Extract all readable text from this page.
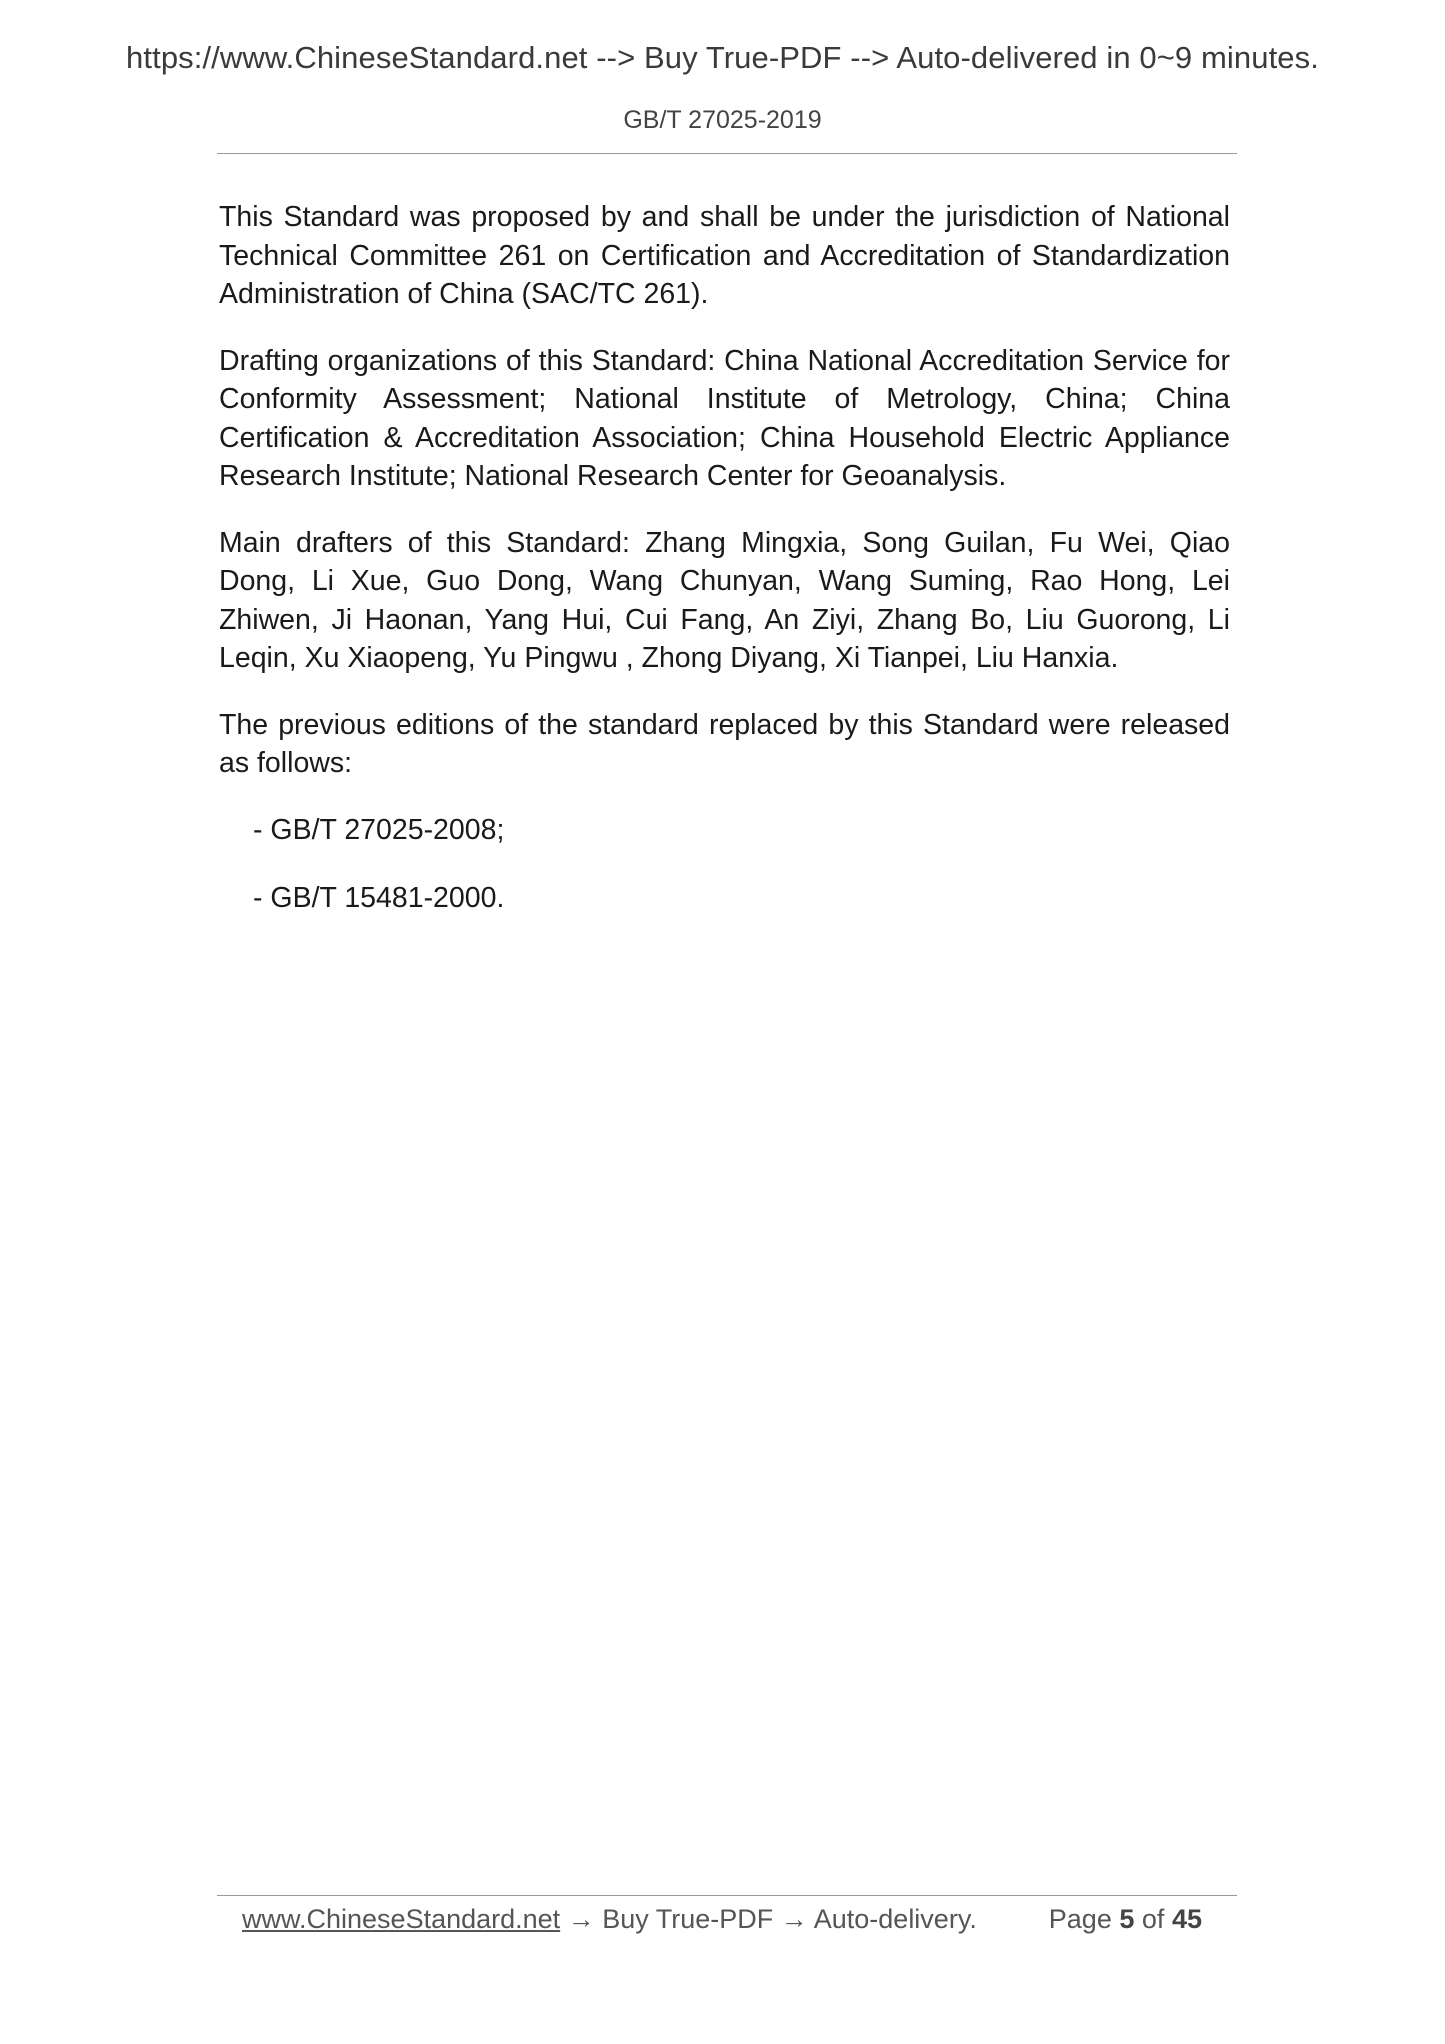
https://www.ChineseStandard.net --> Buy True-PDF --> Auto-delivered in 0~9 minutes.
GB/T 27025-2019

This Standard was proposed by and shall be under the jurisdiction of National Technical Committee 261 on Certification and Accreditation of Standardization Administration of China (SAC/TC 261).

Drafting organizations of this Standard: China National Accreditation Service for Conformity Assessment; National Institute of Metrology, China; China Certification & Accreditation Association; China Household Electric Appliance Research Institute; National Research Center for Geoanalysis.

Main drafters of this Standard: Zhang Mingxia, Song Guilan, Fu Wei, Qiao Dong, Li Xue, Guo Dong, Wang Chunyan, Wang Suming, Rao Hong, Lei Zhiwen, Ji Haonan, Yang Hui, Cui Fang, An Ziyi, Zhang Bo, Liu Guorong, Li Leqin, Xu Xiaopeng, Yu Pingwu , Zhong Diyang, Xi Tianpei, Liu Hanxia.

The previous editions of the standard replaced by this Standard were released as follows:

- GB/T 27025-2008;
- GB/T 15481-2000.
www.ChineseStandard.net → Buy True-PDF → Auto-delivery.	Page 5 of 45
